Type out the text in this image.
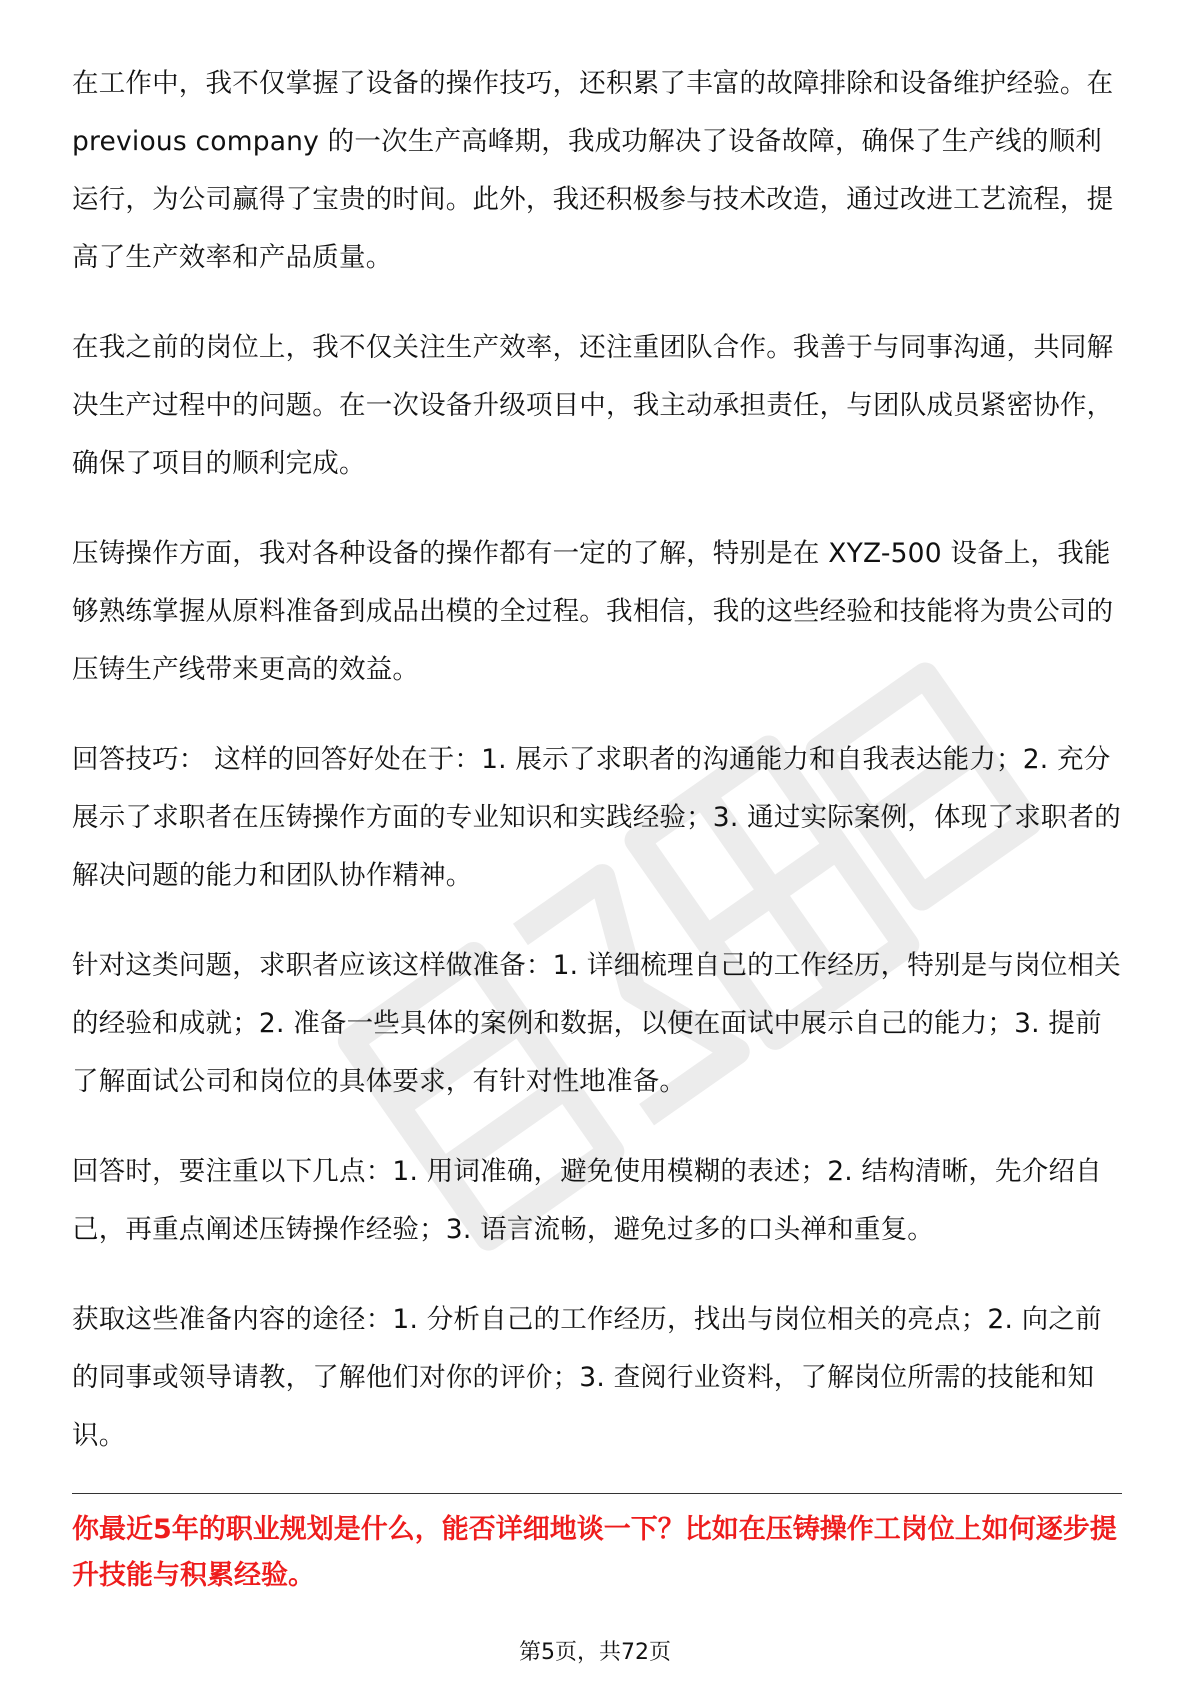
在工作中，我不仅掌握了设备的操作技巧，还积累了丰富的故障排除和设备维护经验。在 previous company 的一次生产高峰期，我成功解决了设备故障，确保了生产线的顺利运行，为公司赢得了宝贵的时间。此外，我还积极参与技术改造，通过改进工艺流程，提高了生产效率和产品质量。

在我之前的岗位上，我不仅关注生产效率，还注重团队合作。我善于与同事沟通，共同解决生产过程中的问题。在一次设备升级项目中，我主动承担责任，与团队成员紧密协作，确保了项目的顺利完成。

压铸操作方面，我对各种设备的操作都有一定的了解，特别是在 XYZ-500 设备上，我能够熟练掌握从原料准备到成品出模的全过程。我相信，我的这些经验和技能将为贵公司的压铸生产线带来更高的效益。

回答技巧： 这样的回答好处在于：1. 展示了求职者的沟通能力和自我表达能力；2. 充分展示了求职者在压铸操作方面的专业知识和实践经验；3. 通过实际案例，体现了求职者的解决问题的能力和团队协作精神。

针对这类问题，求职者应该这样做准备：1. 详细梳理自己的工作经历，特别是与岗位相关的经验和成就；2. 准备一些具体的案例和数据，以便在面试中展示自己的能力；3. 提前了解面试公司和岗位的具体要求，有针对性地准备。

回答时，要注重以下几点：1. 用词准确，避免使用模糊的表述；2. 结构清晰，先介绍自己，再重点阐述压铸操作经验；3. 语言流畅，避免过多的口头禅和重复。

获取这些准备内容的途径：1. 分析自己的工作经历，找出与岗位相关的亮点；2. 向之前的同事或领导请教，了解他们对你的评价；3. 查阅行业资料，了解岗位所需的技能和知识。

你最近5年的职业规划是什么，能否详细地谈一下？比如在压铸操作工岗位上如何逐步提升技能与积累经验。
第5页，共72页
